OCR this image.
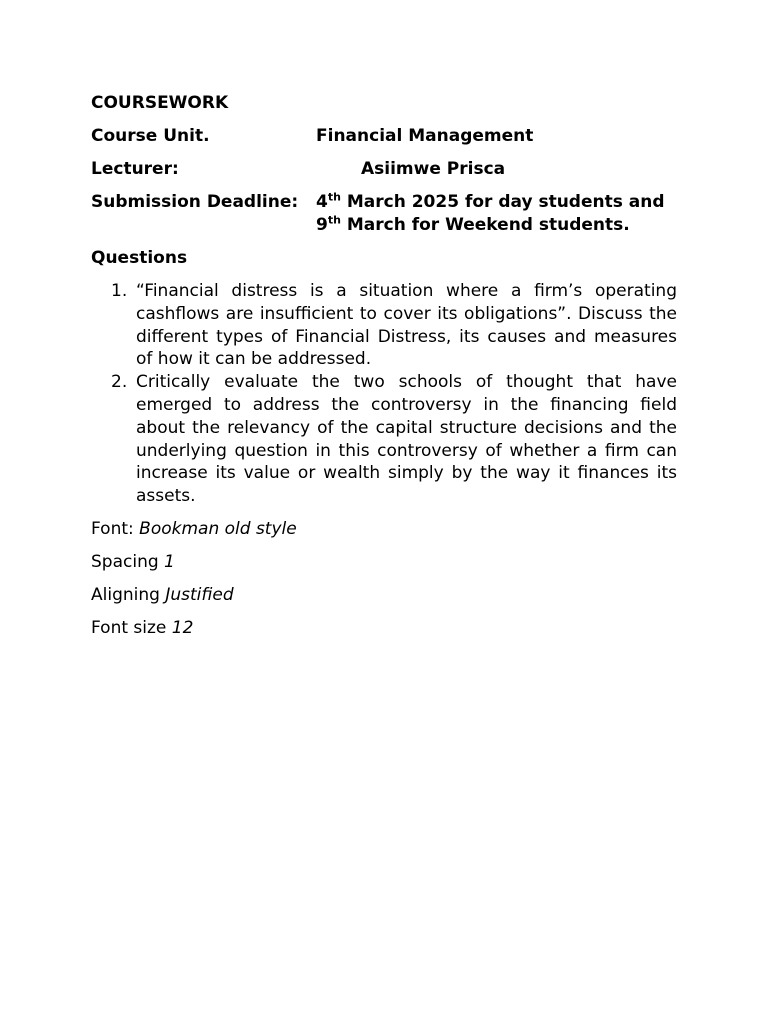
COURSEWORK
Course Unit.	Financial Management
Lecturer:	Asiimwe Prisca
Submission Deadline:	4th March 2025 for day students and
9th March for Weekend students.
Questions
1. “Financial distress is a situation where a firm’s operating cashflows are insufficient to cover its obligations”. Discuss the different types of Financial Distress, its causes and measures of how it can be addressed.
2. Critically evaluate the two schools of thought that have emerged to address the controversy in the financing field about the relevancy of the capital structure decisions and the underlying question in this controversy of whether a firm can increase its value or wealth simply by the way it finances its assets.
Font: Bookman old style
Spacing 1
Aligning Justified
Font size 12
